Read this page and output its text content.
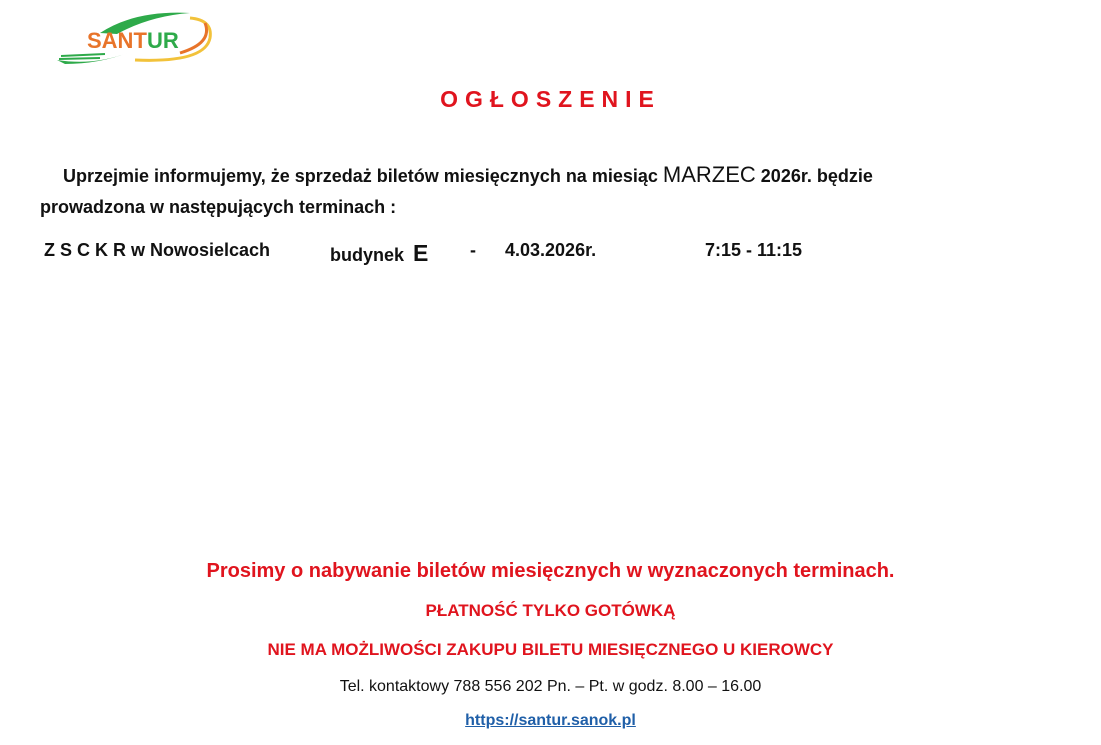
SANT UR
OGŁOSZENIE
Uprzejmie informujemy, że sprzedaż biletów miesięcznych na miesiąc MARZEC 2026r. będzie
prowadzona w następujących terminach :
Z S C K R w Nowosielcach	budynek E - 4.03.2026r.	7:15 - 11:15
Prosimy o nabywanie biletów miesięcznych w wyznaczonych terminach.
PŁATNOŚĆ TYLKO GOTÓWKĄ
NIE MA MOŻLIWOŚCI ZAKUPU BILETU MIESIĘCZNEGO U KIEROWCY
Tel. kontaktowy 788 556 202 Pn. – Pt. w godz. 8.00 – 16.00
https://santur.sanok.pl
